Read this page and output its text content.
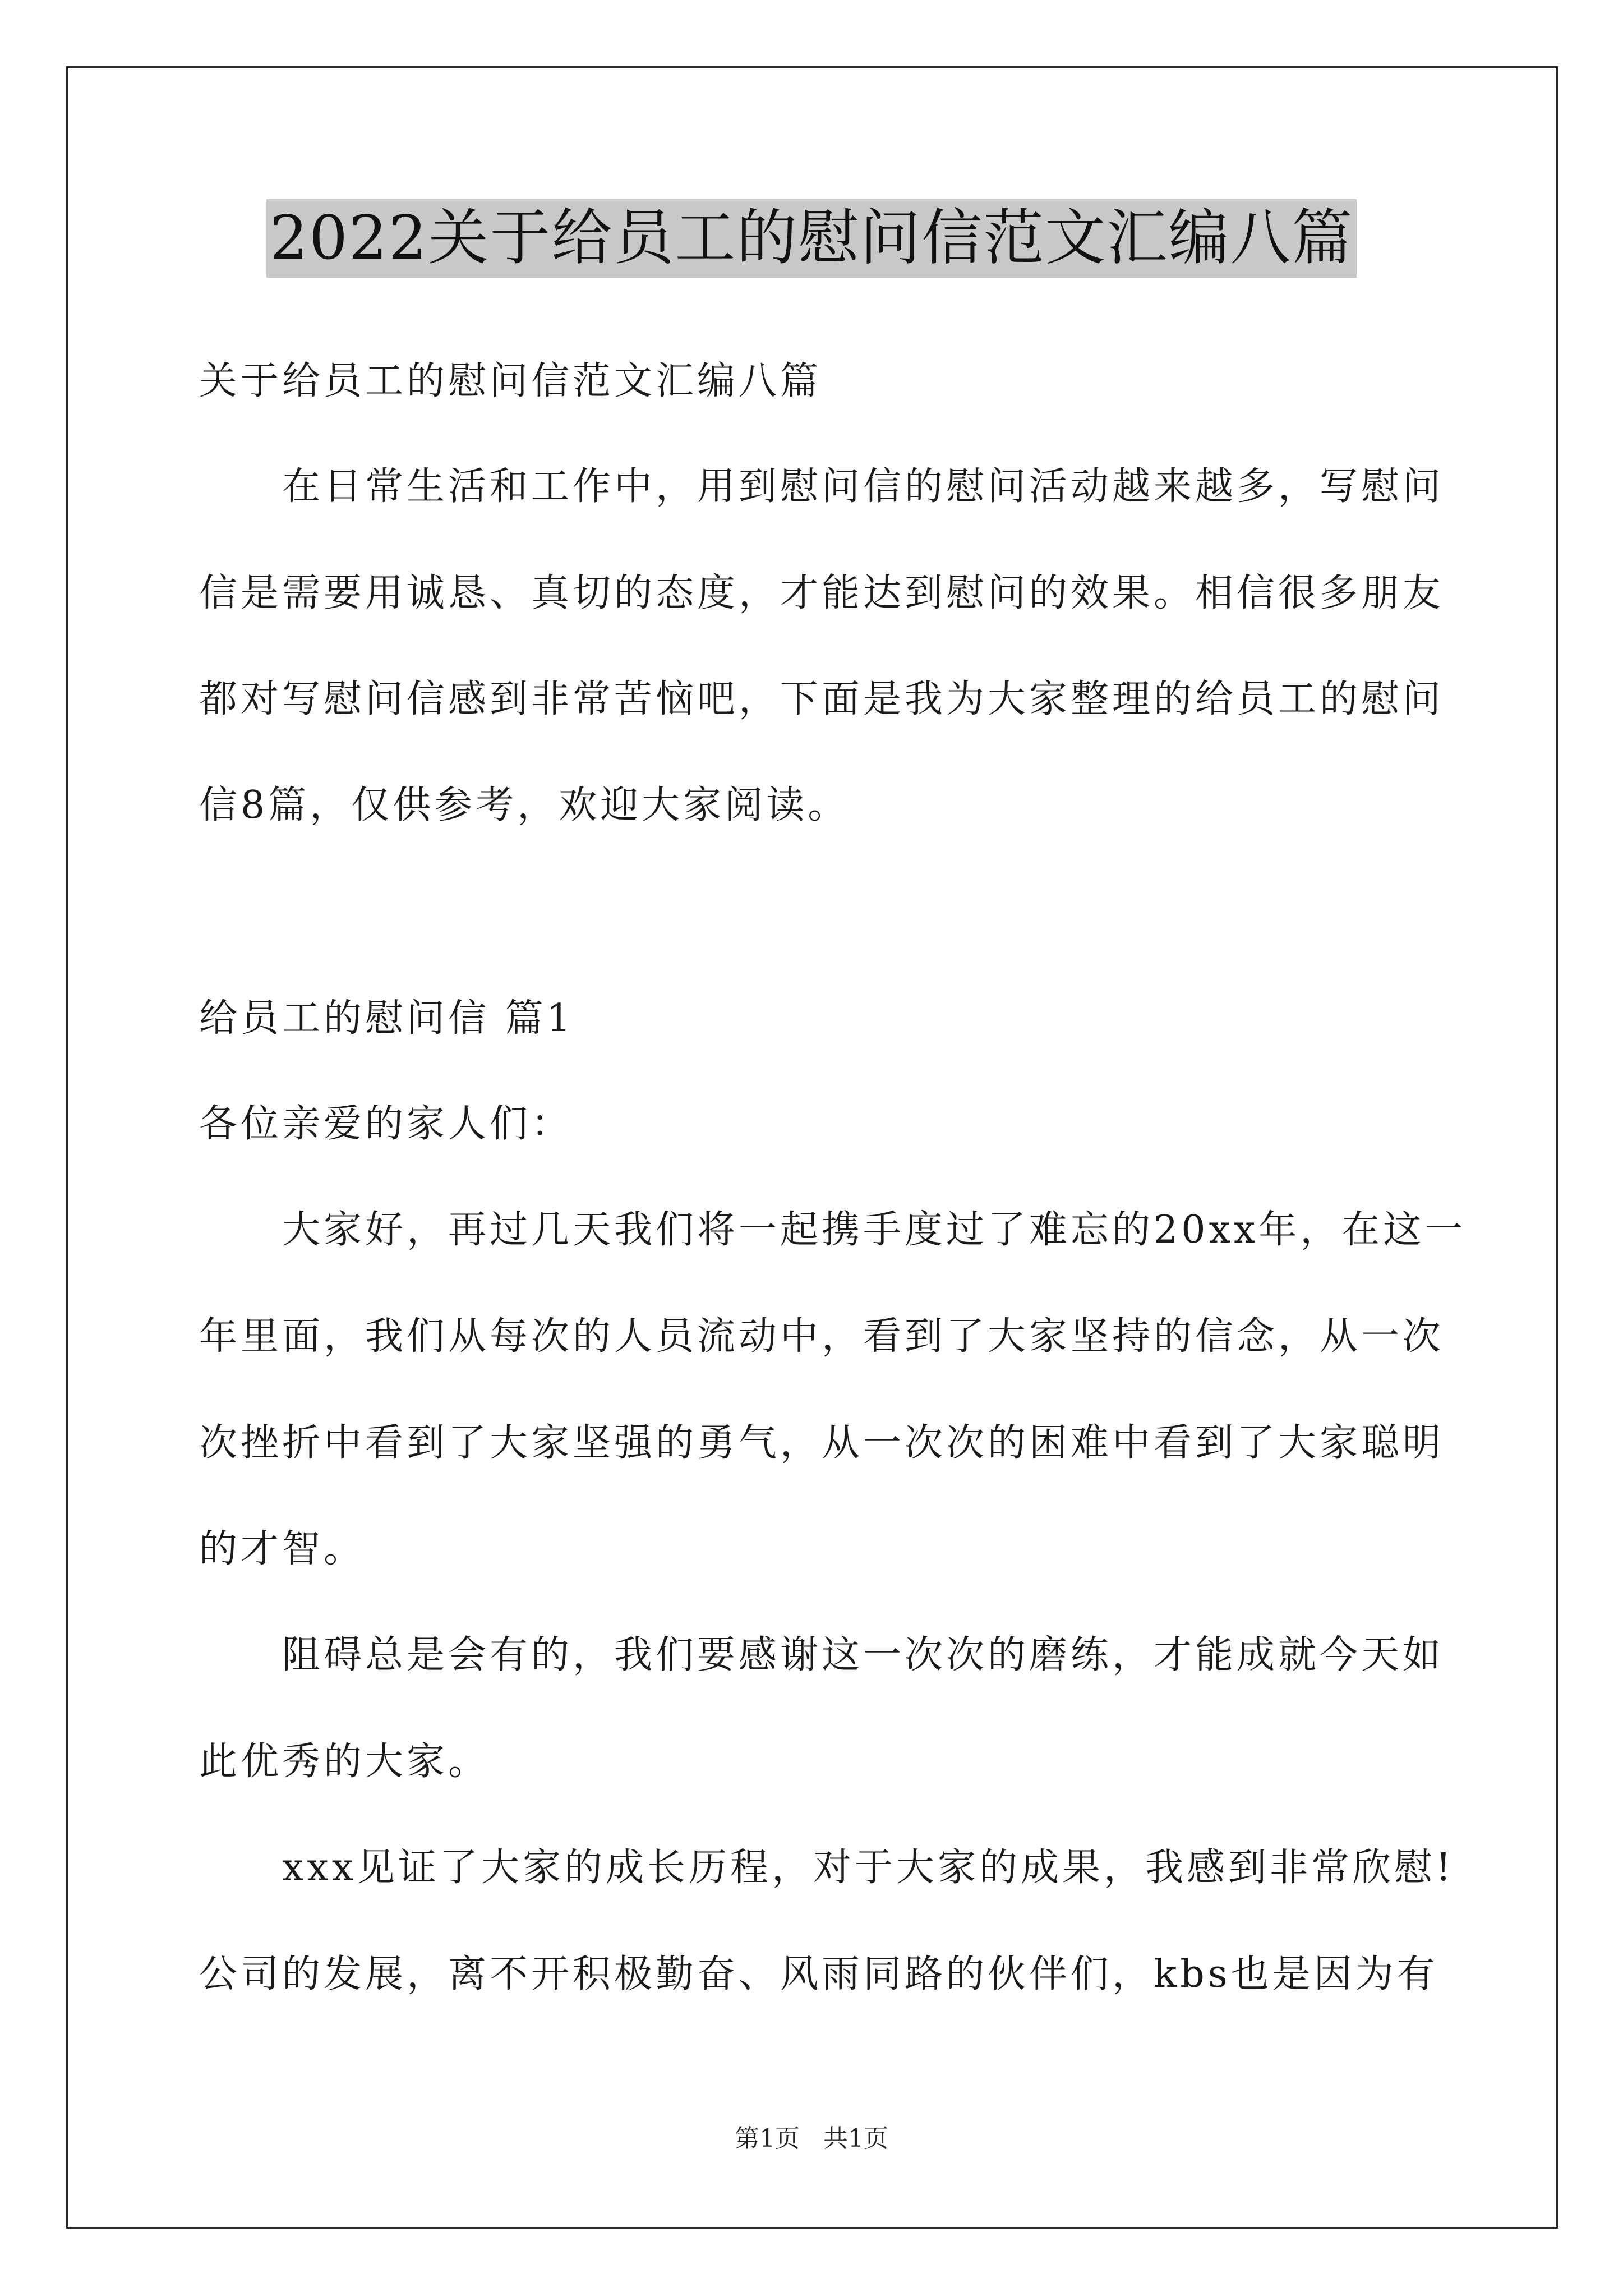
2022关于给员工的慰问信范文汇编八篇
关于给员工的慰问信范文汇编八篇
在日常生活和工作中，用到慰问信的慰问活动越来越多，写慰问
信是需要用诚恳、真切的态度，才能达到慰问的效果。相信很多朋友
都对写慰问信感到非常苦恼吧，下面是我为大家整理的给员工的慰问
信8篇，仅供参考，欢迎大家阅读。
给员工的慰问信 篇1
各位亲爱的家人们：
大家好，再过几天我们将一起携手度过了难忘的20xx年，在这一
年里面，我们从每次的人员流动中，看到了大家坚持的信念，从一次
次挫折中看到了大家坚强的勇气，从一次次的困难中看到了大家聪明
的才智。
阻碍总是会有的，我们要感谢这一次次的磨练，才能成就今天如
此优秀的大家。
xxx见证了大家的成长历程，对于大家的成果，我感到非常欣慰!
公司的发展，离不开积极勤奋、风雨同路的伙伴们，kbs也是因为有
第1页 共1页
